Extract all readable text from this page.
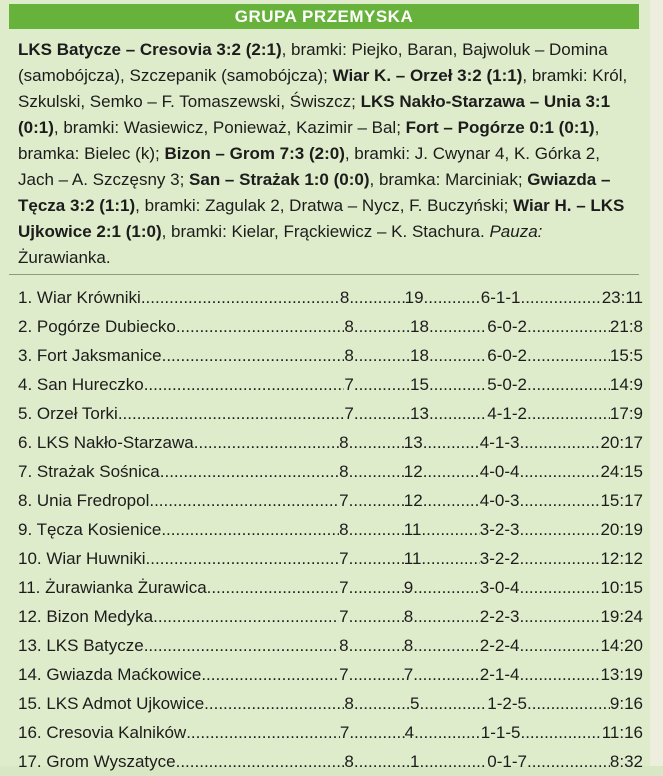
GRUPA PRZEMYSKA
LKS Batycze – Cresovia 3:2 (2:1), bramki: Piejko, Baran, Bajwoluk – Domina (samobójcza), Szczepanik (samobójcza); Wiar K. – Orzeł 3:2 (1:1), bramki: Król, Szkulski, Semko – F. Tomaszewski, Świszcz; LKS Nakło-Starzawa – Unia 3:1 (0:1), bramki: Wasiewicz, Ponieważ, Kazimir – Bal; Fort – Pogórze 0:1 (0:1), bramka: Bielec (k); Bizon – Grom 7:3 (2:0), bramki: J. Cwynar 4, K. Górka 2, Jach – A. Szczęsny 3; San – Strażak 1:0 (0:0), bramka: Marciniak; Gwiazda – Tęcza 3:2 (1:1), bramki: Zagulak 2, Dratwa – Nycz, F. Buczyński; Wiar H. – LKS Ujkowice 2:1 (1:0), bramki: Kielar, Frąckiewicz – K. Stachura. Pauza: Żurawianka.
1. Wiar Krówniki .....	8 .....	19 .....	6-1-1 .....	23:11
2. Pogórze Dubiecko .....	8 .....	18 .....	6-0-2 .....	21:8
3. Fort Jaksmanice .....	8 .....	18 .....	6-0-2 .....	15:5
4. San Hureczko .....	7 .....	15 .....	5-0-2 .....	14:9
5. Orzeł Torki .....	7 .....	13 .....	4-1-2 .....	17:9
6. LKS Nakło-Starzawa .....	8 .....	13 .....	4-1-3 .....	20:17
7. Strażak Sośnica .....	8 .....	12 .....	4-0-4 .....	24:15
8. Unia Fredropol .....	7 .....	12 .....	4-0-3 .....	15:17
9. Tęcza Kosienice .....	8 .....	11 .....	3-2-3 .....	20:19
10. Wiar Huwniki .....	7 .....	11 .....	3-2-2 .....	12:12
11. Żurawianka Żurawica .....	7 .....	9 .....	3-0-4 .....	10:15
12. Bizon Medyka .....	7 .....	8 .....	2-2-3 .....	19:24
13. LKS Batycze .....	8 .....	8 .....	2-2-4 .....	14:20
14. Gwiazda Maćkowice .....	7 .....	7 .....	2-1-4 .....	13:19
15. LKS Admot Ujkowice .....	8 .....	5 .....	1-2-5 .....	9:16
16. Cresovia Kalników .....	7 .....	4 .....	1-1-5 .....	11:16
17. Grom Wyszatyce .....	8 .....	1 .....	0-1-7 .....	8:32
